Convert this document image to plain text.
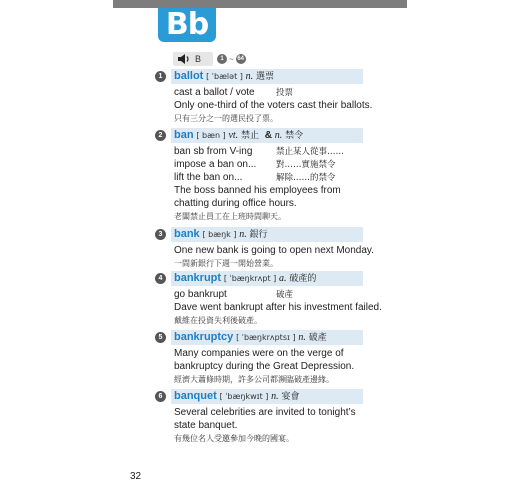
Bb
B	1 ~ 64
1	ballot [ ˈbælət ] n. 選票
cast a ballot / vote	投票
Only one-third of the voters cast their ballots.
只有三分之一的選民投了票。
2	ban [ bæn ] vt. 禁止 & n. 禁令
ban sb from V-ing	禁止某人從事……
impose a ban on... 對……實施禁令
lift the ban on...	解除……的禁令
The boss banned his employees from
chatting during office hours.
老闆禁止員工在上班時間聊天。
3	bank [ bæŋk ] n. 銀行
One new bank is going to open next Monday.
一間新銀行下週一開始營業。
4	bankrupt [ ˈbæŋkrʌpt ] a. 破產的
go bankrupt	破產
Dave went bankrupt after his investment failed.
戴維在投資失利後破產。
5	bankruptcy [ ˈbæŋkrʌptsɪ ] n. 破產
Many companies were on the verge of
bankruptcy during the Great Depression.
經濟大蕭條時期，許多公司都瀕臨破產邊緣。
6	banquet [ ˈbæŋkwɪt ] n. 宴會
Several celebrities are invited to tonight’s
state banquet.
有幾位名人受邀參加今晚的國宴。
32
